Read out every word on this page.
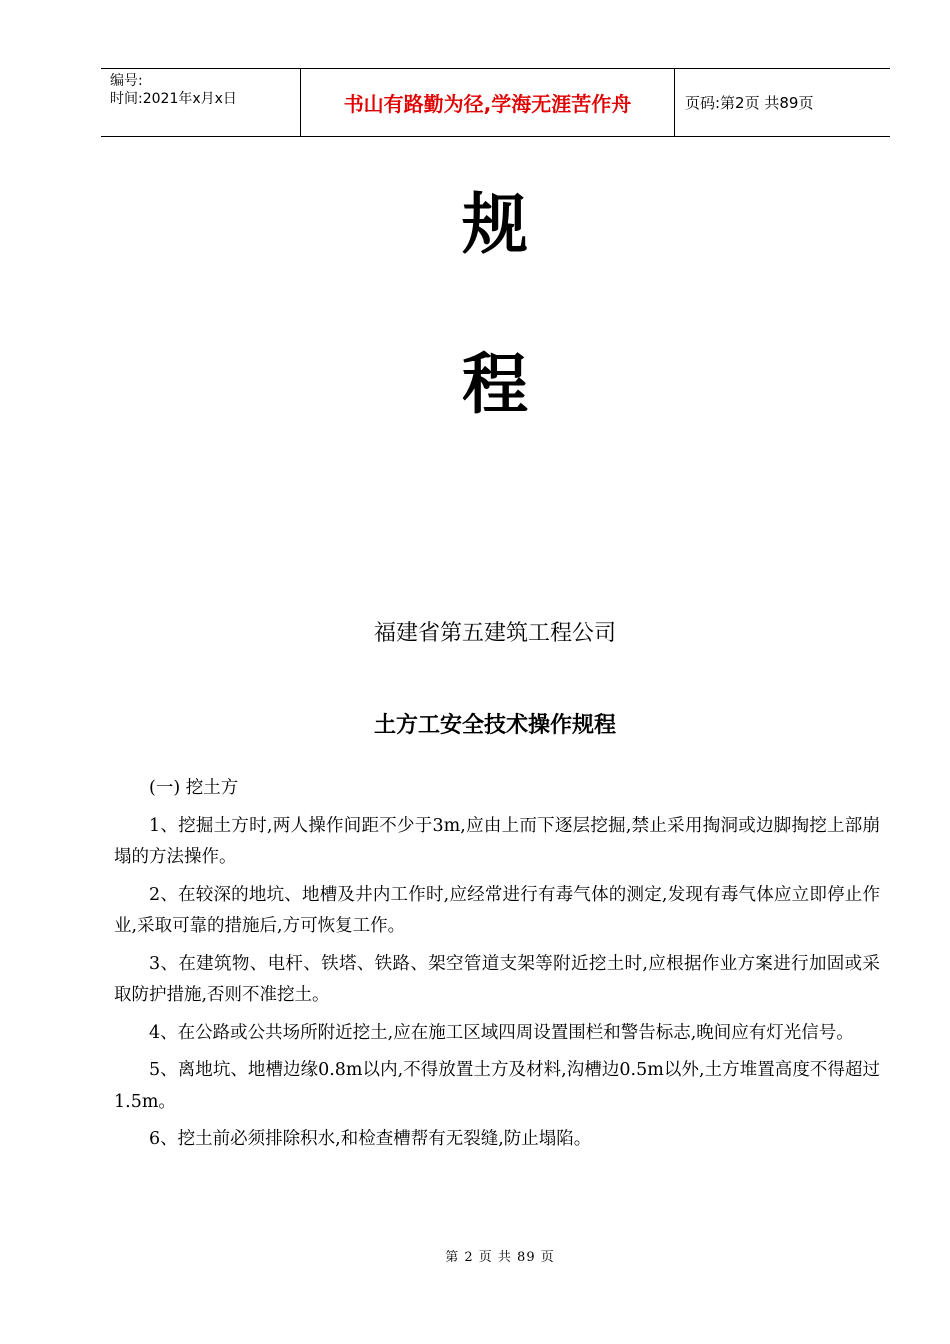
编号:
时间:2021年x月x日	书山有路勤为径,学海无涯苦作舟	页码:第2页 共89页
规
程
福建省第五建筑工程公司
土方工安全技术操作规程

(一) 挖土方

1、挖掘土方时,两人操作间距不少于3m,应由上而下逐层挖掘,禁止采用掏洞或边脚掏挖上部崩塌的方法操作。

2、在较深的地坑、地槽及井内工作时,应经常进行有毒气体的测定,发现有毒气体应立即停止作业,采取可靠的措施后,方可恢复工作。

3、在建筑物、电杆、铁塔、铁路、架空管道支架等附近挖土时,应根据作业方案进行加固或采取防护措施,否则不准挖土。

4、在公路或公共场所附近挖土,应在施工区域四周设置围栏和警告标志,晚间应有灯光信号。

5、离地坑、地槽边缘0.8m以内,不得放置土方及材料,沟槽边0.5m以外,土方堆置高度不得超过1.5m。

6、挖土前必须排除积水,和检查槽帮有无裂缝,防止塌陷。

第 2 页 共 89 页
